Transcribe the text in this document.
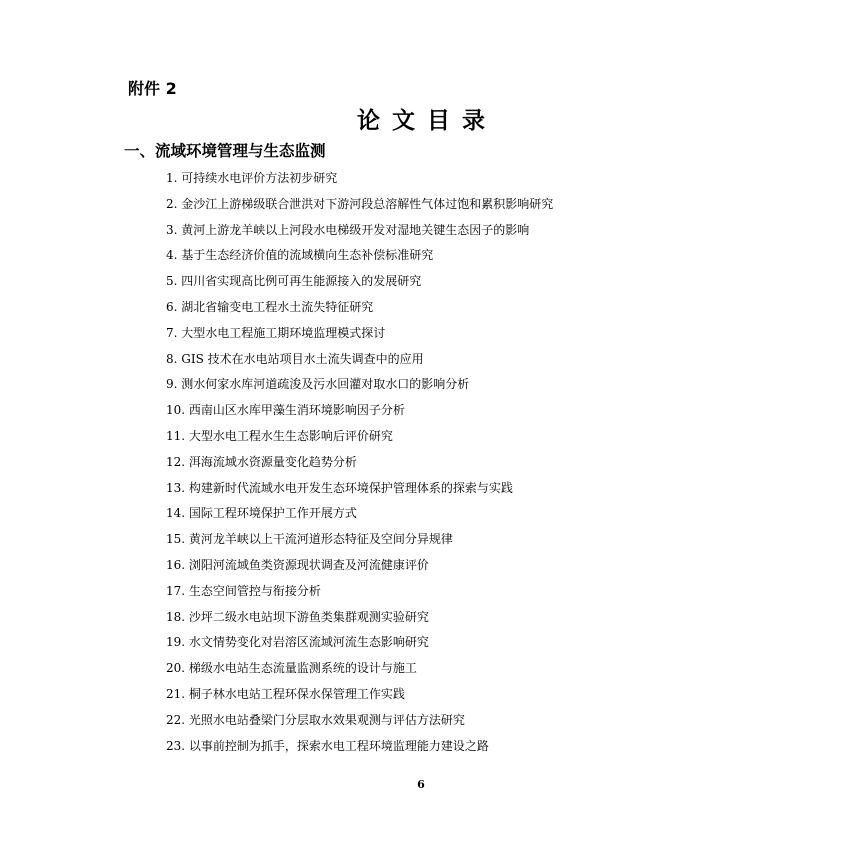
附件 2
论文目录
一、流域环境管理与生态监测
1. 可持续水电评价方法初步研究
2. 金沙江上游梯级联合泄洪对下游河段总溶解性气体过饱和累积影响研究
3. 黄河上游龙羊峡以上河段水电梯级开发对湿地关键生态因子的影响
4. 基于生态经济价值的流域横向生态补偿标准研究
5. 四川省实现高比例可再生能源接入的发展研究
6. 湖北省输变电工程水土流失特征研究
7. 大型水电工程施工期环境监理模式探讨
8. GIS 技术在水电站项目水土流失调查中的应用
9. 测水何家水库河道疏浚及污水回灌对取水口的影响分析
10. 西南山区水库甲藻生消环境影响因子分析
11. 大型水电工程水生生态影响后评价研究
12. 洱海流域水资源量变化趋势分析
13. 构建新时代流域水电开发生态环境保护管理体系的探索与实践
14. 国际工程环境保护工作开展方式
15. 黄河龙羊峡以上干流河道形态特征及空间分异规律
16. 浏阳河流域鱼类资源现状调查及河流健康评价
17. 生态空间管控与衔接分析
18. 沙坪二级水电站坝下游鱼类集群观测实验研究
19. 水文情势变化对岩溶区流域河流生态影响研究
20. 梯级水电站生态流量监测系统的设计与施工
21. 桐子林水电站工程环保水保管理工作实践
22. 光照水电站叠梁门分层取水效果观测与评估方法研究
23. 以事前控制为抓手，探索水电工程环境监理能力建设之路
6
